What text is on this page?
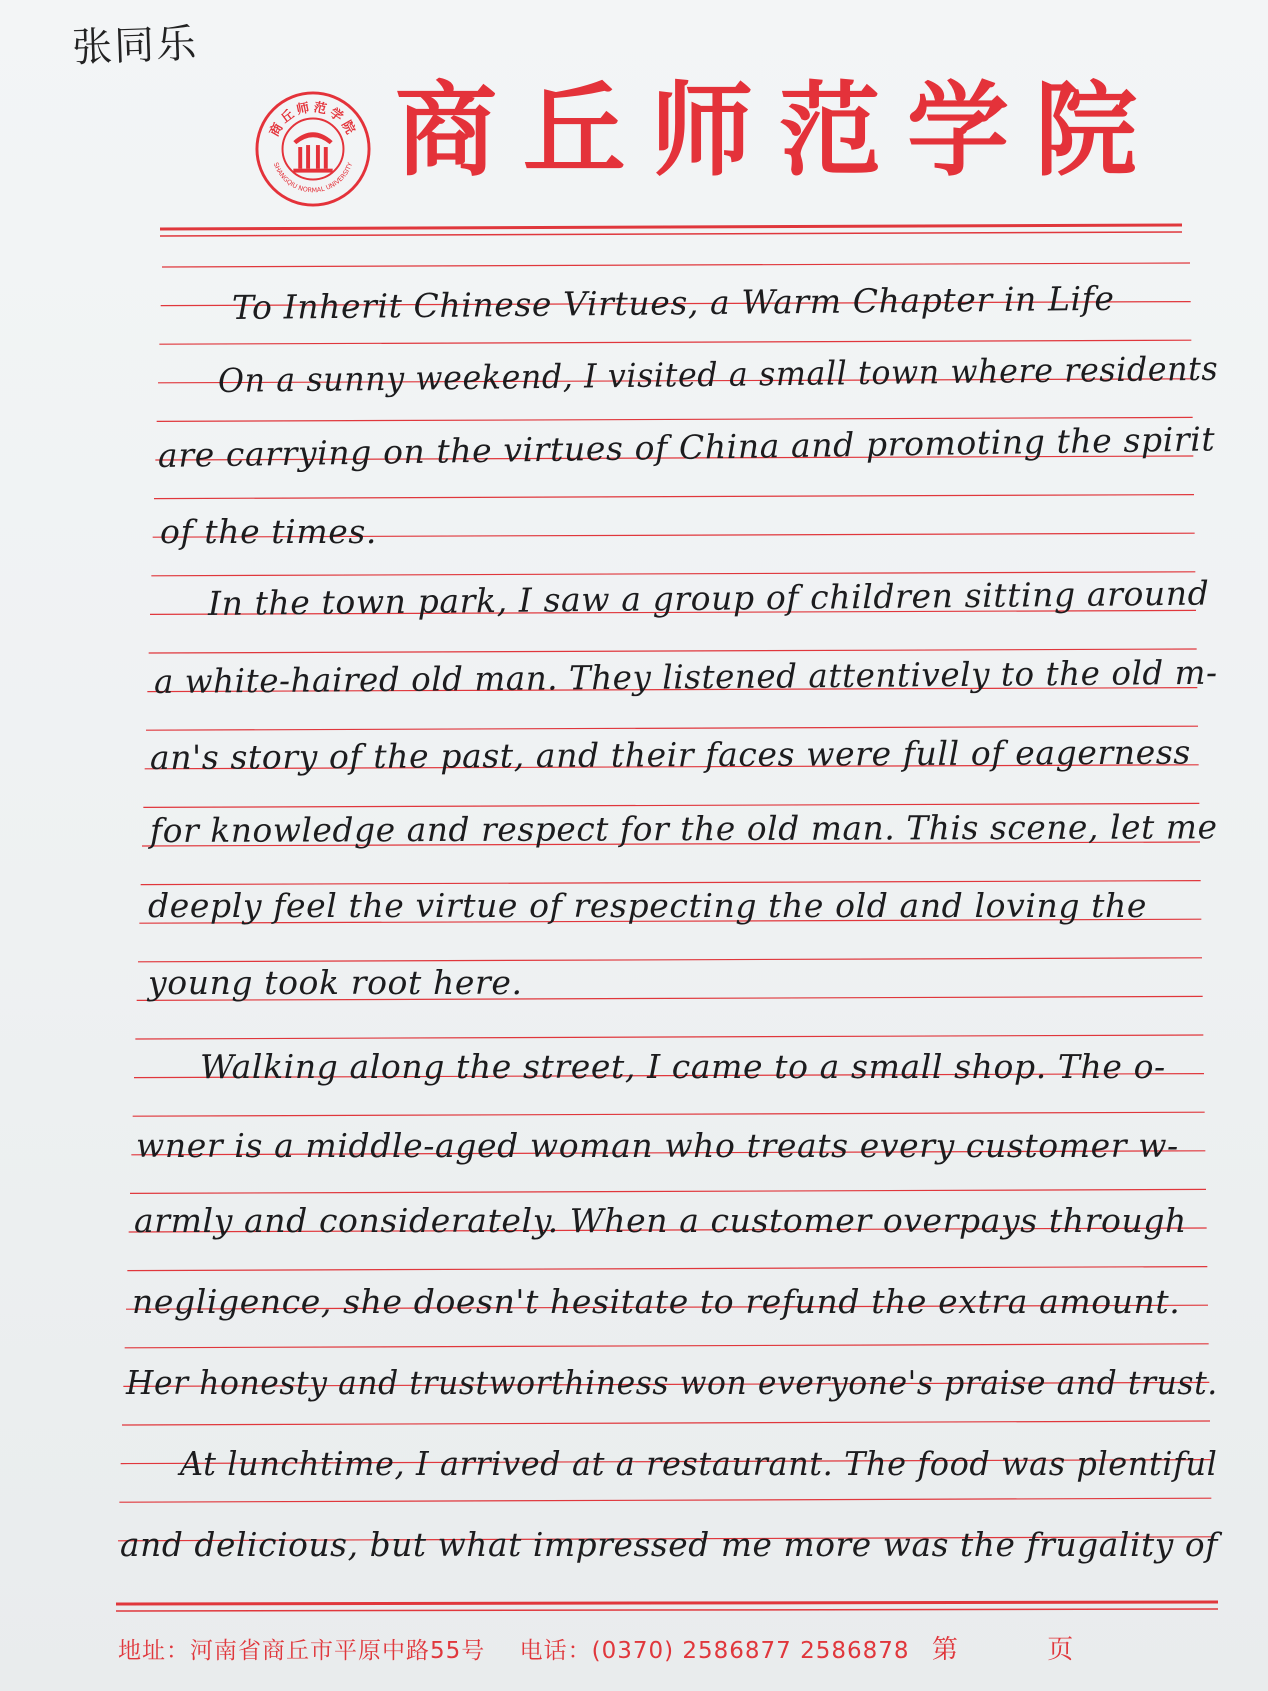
张同乐
商丘师范学院
SHANGQIU NORMAL UNIVERSITY 商丘师范学院
To Inherit Chinese Virtues, a Warm Chapter in Life
On a sunny weekend, I visited a small town where residents
are carrying on the virtues of China and promoting the spirit
of the times.
In the town park, I saw a group of children sitting around
a white-haired old man. They listened attentively to the old m-
an's story of the past, and their faces were full of eagerness
for knowledge and respect for the old man. This scene, let me
deeply feel the virtue of respecting the old and loving the
young took root here.
Walking along the street, I came to a small shop. The o-
wner is a middle-aged woman who treats every customer w-
armly and considerately. When a customer overpays through
negligence, she doesn't hesitate to refund the extra amount.
Her honesty and trustworthiness won everyone's praise and trust.
At lunchtime, I arrived at a restaurant. The food was plentiful
and delicious, but what impressed me more was the frugality of
地址：河南省商丘市平原中路55号 电话：(0370) 2586877 2586878 第	页
